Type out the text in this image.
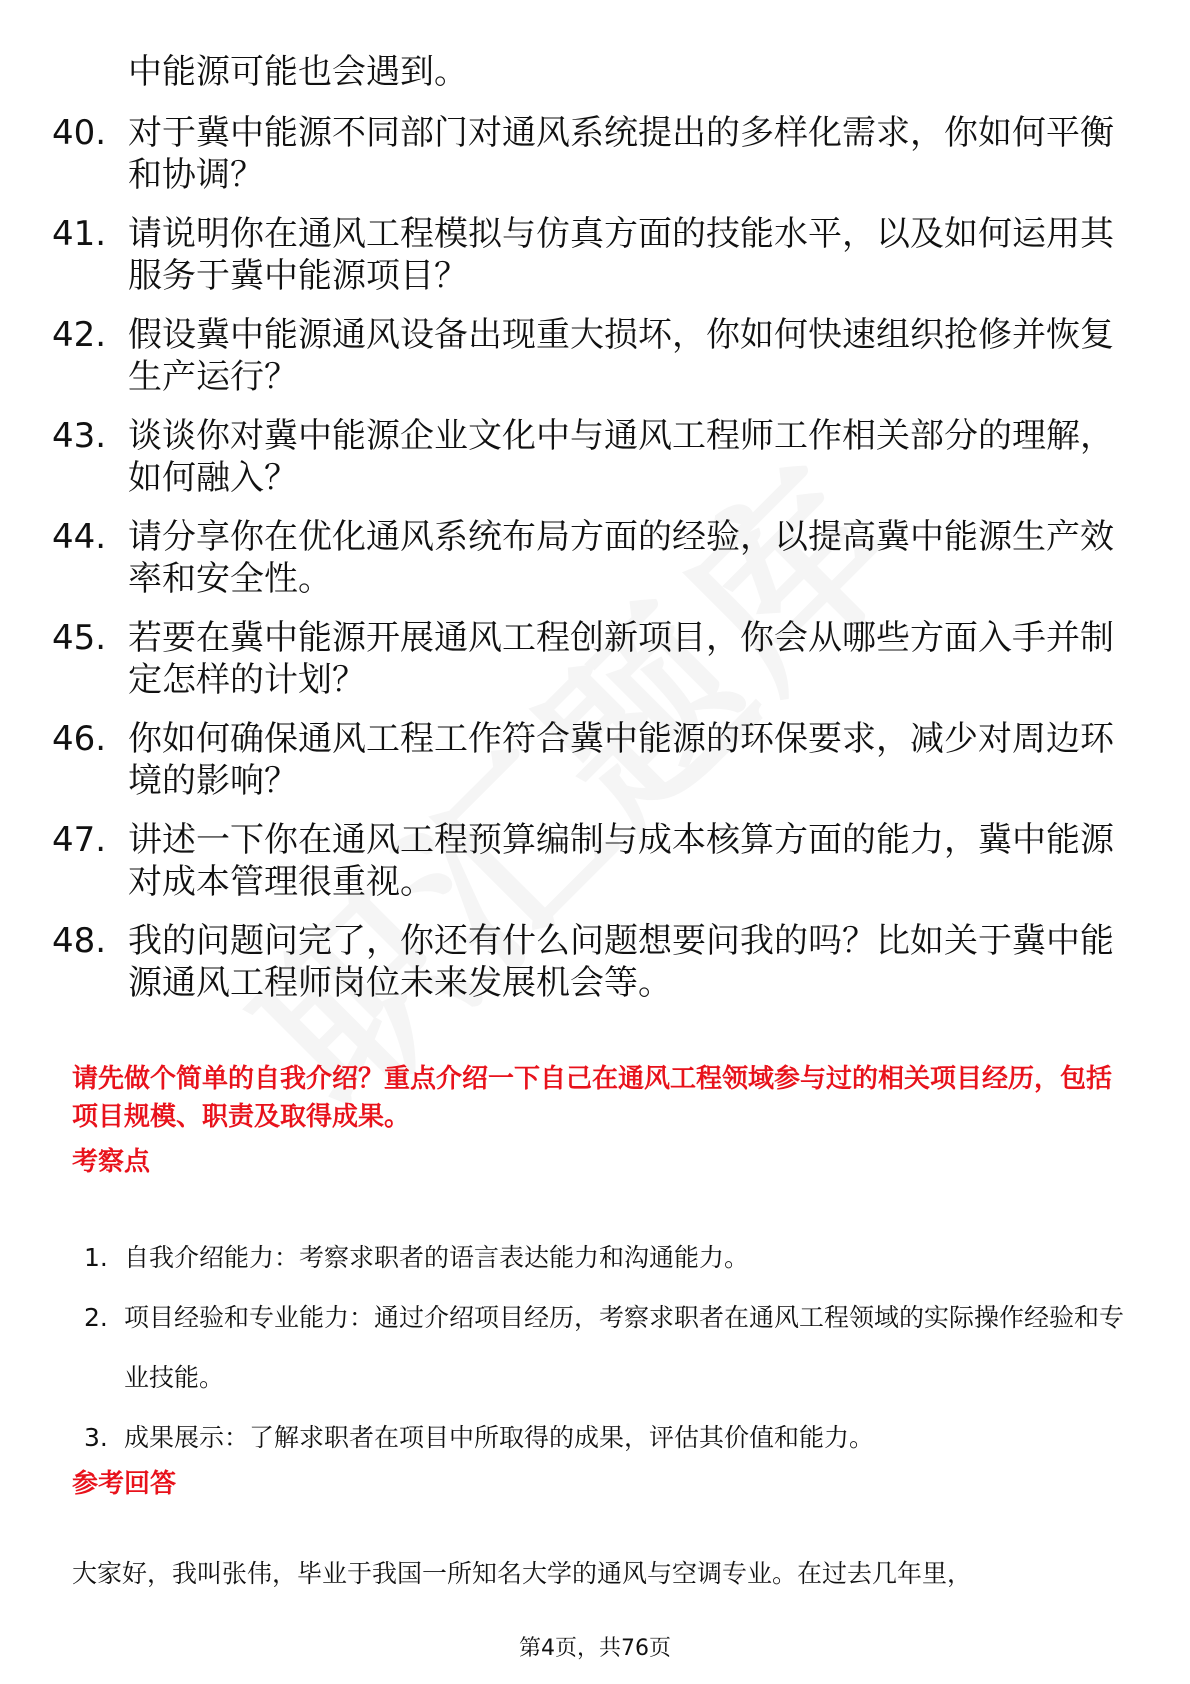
中能源可能也会遇到。

40. 对于冀中能源不同部门对通风系统提出的多样化需求，你如何平衡和协调？
41. 请说明你在通风工程模拟与仿真方面的技能水平，以及如何运用其服务于冀中能源项目？
42. 假设冀中能源通风设备出现重大损坏，你如何快速组织抢修并恢复生产运行？
43. 谈谈你对冀中能源企业文化中与通风工程师工作相关部分的理解，如何融入？
44. 请分享你在优化通风系统布局方面的经验，以提高冀中能源生产效率和安全性。
45. 若要在冀中能源开展通风工程创新项目，你会从哪些方面入手并制定怎样的计划？
46. 你如何确保通风工程工作符合冀中能源的环保要求，减少对周边环境的影响？
47. 讲述一下你在通风工程预算编制与成本核算方面的能力，冀中能源对成本管理很重视。
48. 我的问题问完了，你还有什么问题想要问我的吗？比如关于冀中能源通风工程师岗位未来发展机会等。

请先做个简单的自我介绍？重点介绍一下自己在通风工程领域参与过的相关项目经历，包括项目规模、职责及取得成果。

考察点
1. 自我介绍能力：考察求职者的语言表达能力和沟通能力。
2. 项目经验和专业能力：通过介绍项目经历，考察求职者在通风工程领域的实际操作经验和专业技能。
3. 成果展示：了解求职者在项目中所取得的成果，评估其价值和能力。
参考回答

大家好，我叫张伟，毕业于我国一所知名大学的通风与空调专业。在过去几年里，

第4页，共76页
